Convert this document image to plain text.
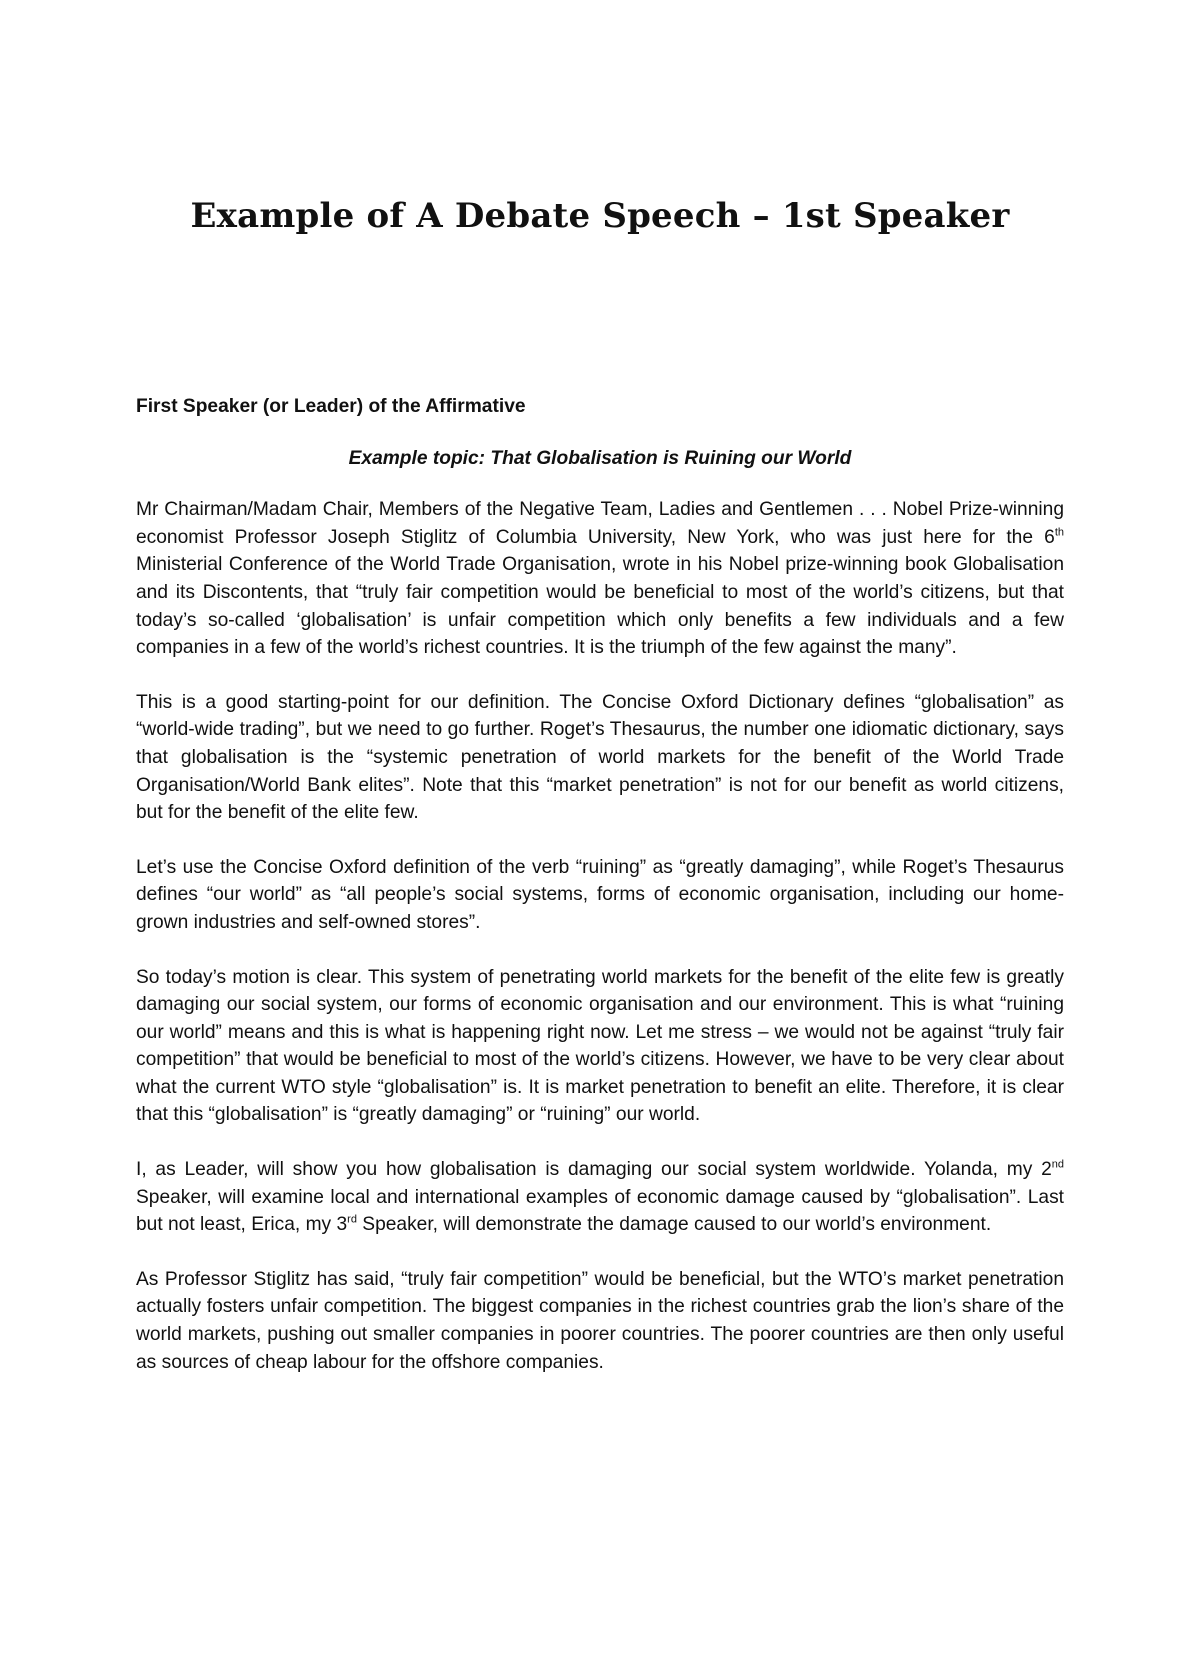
Example of A Debate Speech – 1st Speaker

First Speaker (or Leader) of the Affirmative

Example topic: That Globalisation is Ruining our World

Mr Chairman/Madam Chair, Members of the Negative Team, Ladies and Gentlemen . . . Nobel Prize-winning economist Professor Joseph Stiglitz of Columbia University, New York, who was just here for the 6th Ministerial Conference of the World Trade Organisation, wrote in his Nobel prize-winning book Globalisation and its Discontents, that “truly fair competition would be beneficial to most of the world’s citizens, but that today’s so-called ‘globalisation’ is unfair competition which only benefits a few individuals and a few companies in a few of the world’s richest countries. It is the triumph of the few against the many”.

This is a good starting-point for our definition. The Concise Oxford Dictionary defines “globalisation” as “world-wide trading”, but we need to go further. Roget’s Thesaurus, the number one idiomatic dictionary, says that globalisation is the “systemic penetration of world markets for the benefit of the World Trade Organisation/World Bank elites”. Note that this “market penetration” is not for our benefit as world citizens, but for the benefit of the elite few.

Let’s use the Concise Oxford definition of the verb “ruining” as “greatly damaging”, while Roget’s Thesaurus defines “our world” as “all people’s social systems, forms of economic organisation, including our home-grown industries and self-owned stores”.

So today’s motion is clear. This system of penetrating world markets for the benefit of the elite few is greatly damaging our social system, our forms of economic organisation and our environment. This is what “ruining our world” means and this is what is happening right now. Let me stress – we would not be against “truly fair competition” that would be beneficial to most of the world’s citizens. However, we have to be very clear about what the current WTO style “globalisation” is. It is market penetration to benefit an elite. Therefore, it is clear that this “globalisation” is “greatly damaging” or “ruining” our world.

I, as Leader, will show you how globalisation is damaging our social system worldwide. Yolanda, my 2nd Speaker, will examine local and international examples of economic damage caused by “globalisation”. Last but not least, Erica, my 3rd Speaker, will demonstrate the damage caused to our world’s environment.

As Professor Stiglitz has said, “truly fair competition” would be beneficial, but the WTO’s market penetration actually fosters unfair competition. The biggest companies in the richest countries grab the lion’s share of the world markets, pushing out smaller companies in poorer countries. The poorer countries are then only useful as sources of cheap labour for the offshore companies.
